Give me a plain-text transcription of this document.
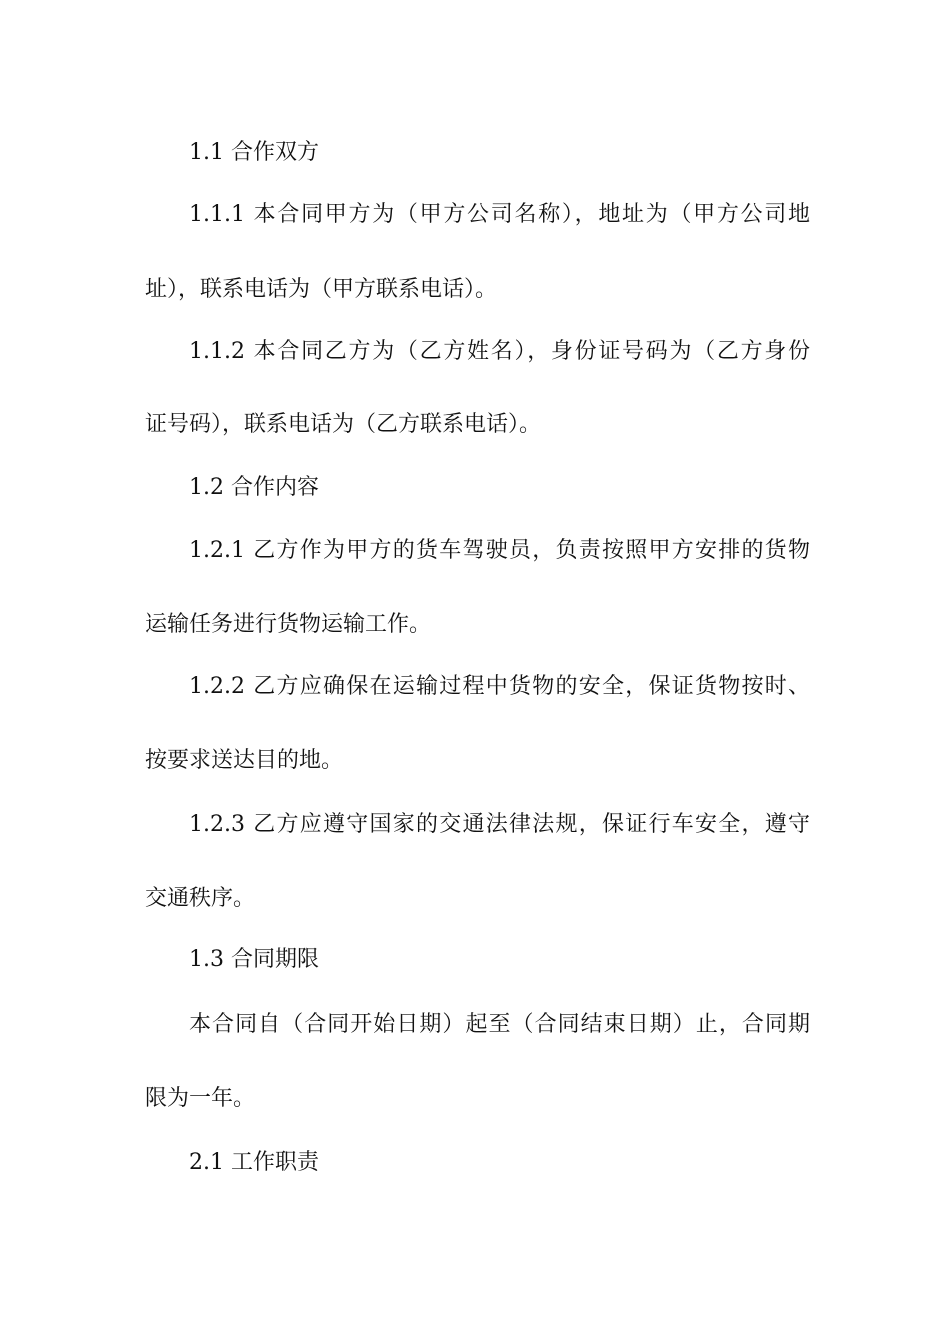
1.1 合作双方
1.1.1 本合同甲方为（甲方公司名称），地址为（甲方公司地
址），联系电话为（甲方联系电话）。
1.1.2 本合同乙方为（乙方姓名），身份证号码为（乙方身份
证号码），联系电话为（乙方联系电话）。
1.2 合作内容
1.2.1 乙方作为甲方的货车驾驶员，负责按照甲方安排的货物
运输任务进行货物运输工作。
1.2.2 乙方应确保在运输过程中货物的安全，保证货物按时、
按要求送达目的地。
1.2.3 乙方应遵守国家的交通法律法规，保证行车安全，遵守
交通秩序。
1.3 合同期限
本合同自（合同开始日期）起至（合同结束日期）止，合同期
限为一年。
2.1 工作职责
